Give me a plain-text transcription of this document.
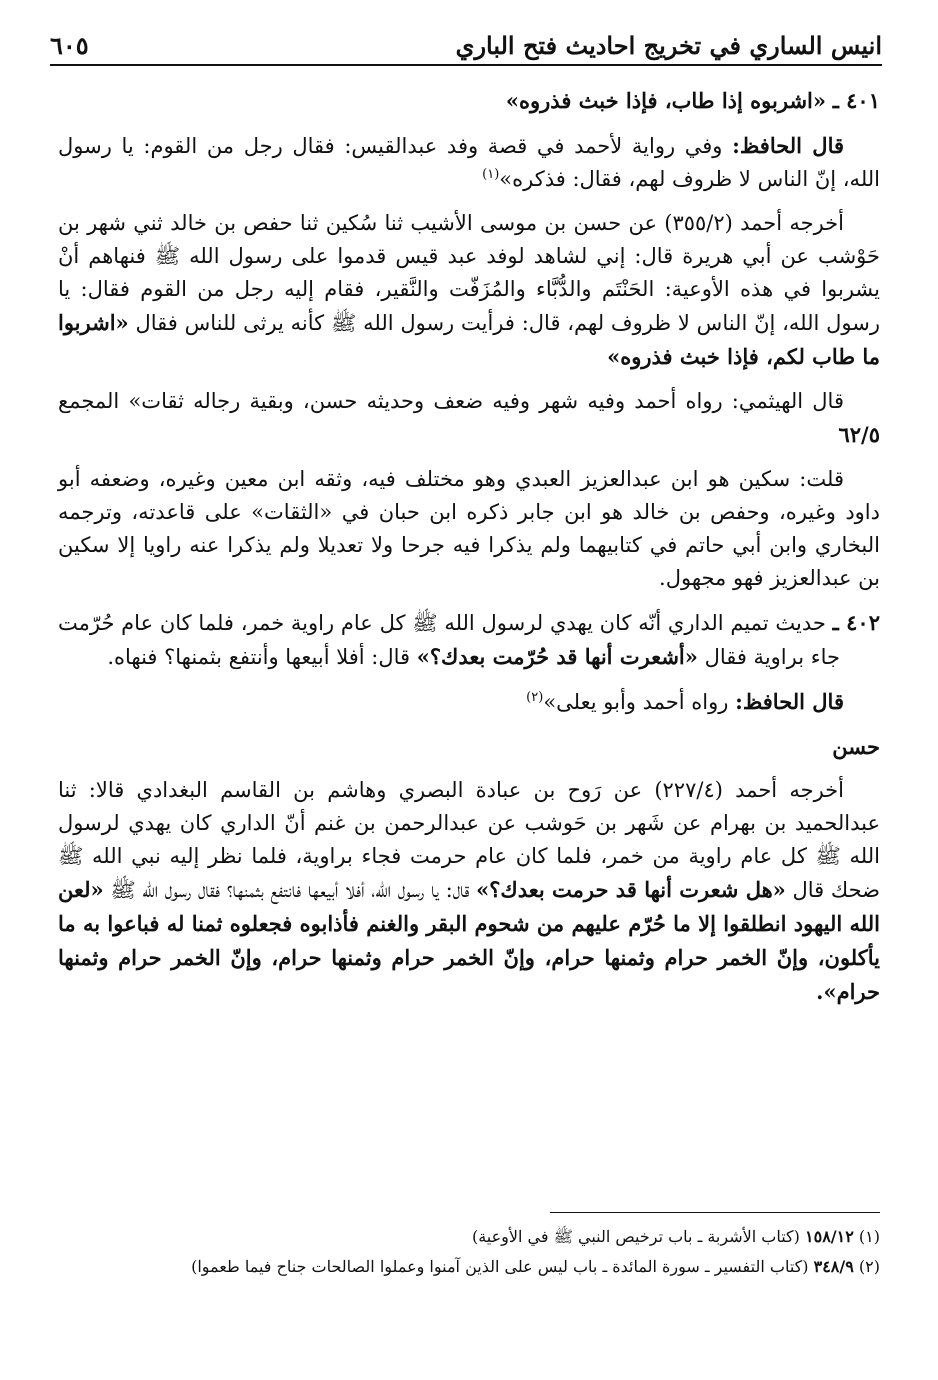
انيس الساري في تخريج احاديث فتح الباري
٦٠٥

٤٠١ ـ «اشربوه إذا طاب، فإذا خبث فذروه»

قال الحافظ: وفي رواية لأحمد في قصة وفد عبدالقيس: فقال رجل من القوم: يا رسول الله، إنّ الناس لا ظروف لهم، فقال: فذكره»$^{(١)}$

أخرجه أحمد (٣٥٥/٢) عن حسن بن موسى الأشيب ثنا سُكين ثنا حفص بن خالد ثني شهر بن حَوْشب عن أبي هريرة قال: إني لشاهد لوفد عبد قيس قدموا على رسول الله ﷺ فنهاهم أنْ يشربوا في هذه الأوعية: الحَنْتَم والدُّبَّاء والمُزَفّت والنَّقير، فقام إليه رجل من القوم فقال: يا رسول الله، إنّ الناس لا ظروف لهم، قال: فرأيت رسول الله ﷺ كأنه يرثى للناس فقال «اشربوا ما طاب لكم، فإذا خبث فذروه»

قال الهيثمي: رواه أحمد وفيه شهر وفيه ضعف وحديثه حسن، وبقية رجاله ثقات» المجمع ٦٢/٥

قلت: سكين هو ابن عبدالعزيز العبدي وهو مختلف فيه، وثقه ابن معين وغيره، وضعفه أبو داود وغيره، وحفص بن خالد هو ابن جابر ذكره ابن حبان في «الثقات» على قاعدته، وترجمه البخاري وابن أبي حاتم في كتابيهما ولم يذكرا فيه جرحا ولا تعديلا ولم يذكرا عنه راويا إلا سكين بن عبدالعزيز فهو مجهول.

٤٠٢ ـ حديث تميم الداري أنّه كان يهدي لرسول الله ﷺ كل عام راوية خمر، فلما كان عام حُرّمت جاء براوية فقال «أشعرت أنها قد حُرّمت بعدك؟» قال: أفلا أبيعها وأنتفع بثمنها؟ فنهاه.

قال الحافظ: رواه أحمد وأبو يعلى»$^{(٢)}$

حسن

أخرجه أحمد (٢٢٧/٤) عن رَوح بن عبادة البصري وهاشم بن القاسم البغدادي قالا: ثنا عبدالحميد بن بهرام عن شَهر بن حَوشب عن عبدالرحمن بن غنم أنّ الداري كان يهدي لرسول الله ﷺ كل عام راوية من خمر، فلما كان عام حرمت فجاء براوية، فلما نظر إليه نبي الله ﷺ ضحك قال «هل شعرت أنها قد حرمت بعدك؟» قال: يا رسول الله، أفلا أبيعها فانتفع بثمنها؟ فقال رسول الله ﷺ «لعن الله اليهود انطلقوا إلا ما حُرّم عليهم من شحوم البقر والغنم فأذابوه فجعلوه ثمنا له فباعوا به ما يأكلون، وإنّ الخمر حرام وثمنها حرام، وإنّ الخمر حرام وثمنها حرام، وإنّ الخمر حرام وثمنها حرام».

(١) ١٥٨/١٢ (كتاب الأشربة ـ باب ترخيص النبي ﷺ في الأوعية)
(٢) ٣٤٨/٩ (كتاب التفسير ـ سورة المائدة ـ باب ليس على الذين آمنوا وعملوا الصالحات جناح فيما طعموا)
